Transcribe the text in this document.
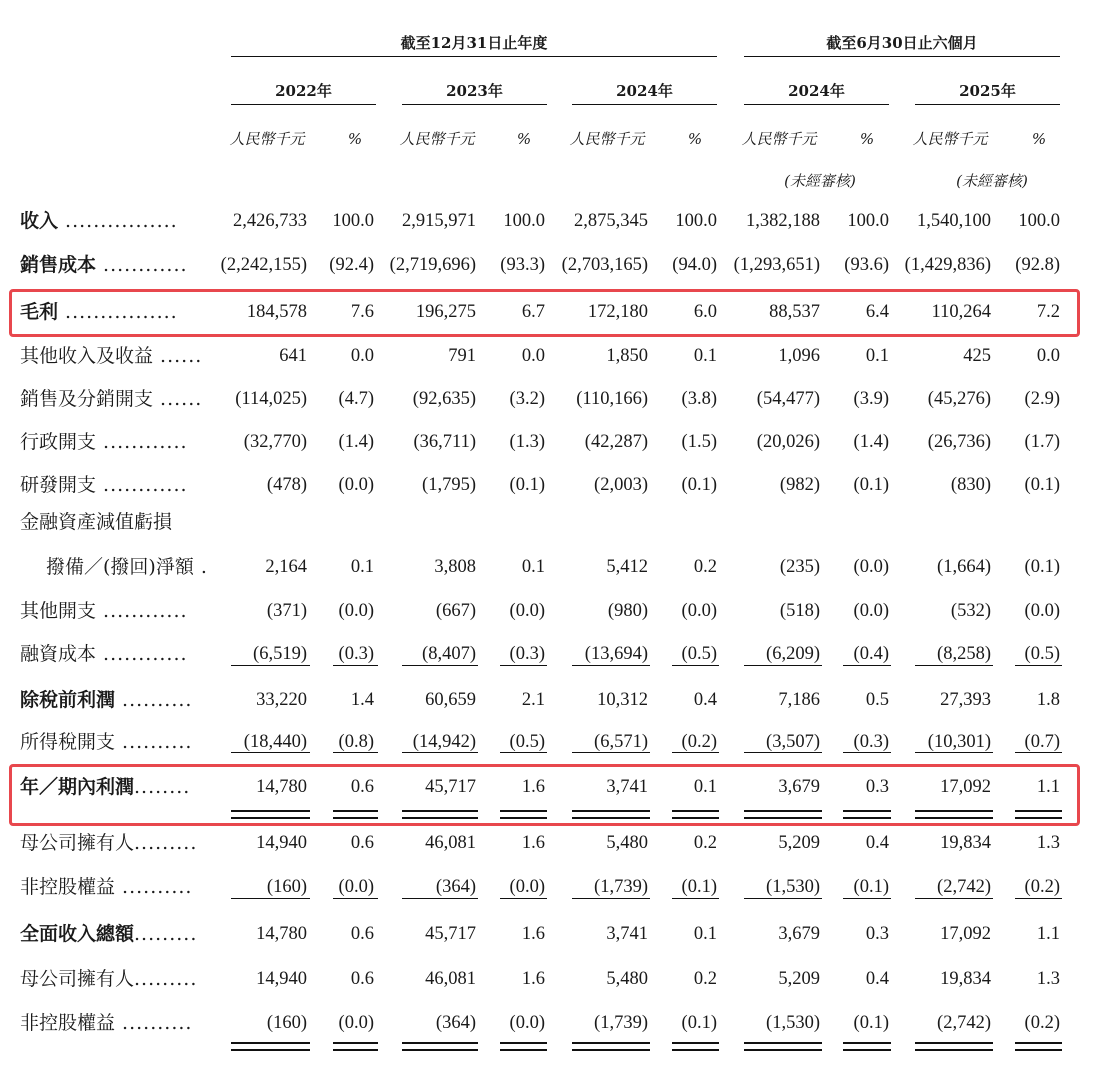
截至12月31日止年度	截至6月30日止六個月
2022年	2023年	2024年	2024年	2025年
人民幣千元	%	人民幣千元	%	人民幣千元	%	人民幣千元	%	人民幣千元	%
(未經審核)	(未經審核)
收入 ................	2,426,733	100.0	2,915,971	100.0	2,875,345	100.0	1,382,188	100.0	1,540,100	100.0
銷售成本 ............	(2,242,155) (92.4) (2,719,696) (93.3) (2,703,165) (94.0) (1,293,651) (93.6) (1,429,836) (92.8)
毛利 ................	184,578	7.6	196,275	6.7	172,180	6.0	88,537	6.4	110,264	7.2
其他收入及收益 ......	641	0.0	791	0.0	1,850	0.1	1,096	0.1	425	0.0
銷售及分銷開支 ......	(114,025)	(4.7)	(92,635)	(3.2)	(110,166)	(3.8)	(54,477)	(3.9)	(45,276)	(2.9)
行政開支 ............	(32,770)	(1.4)	(36,711)	(1.3)	(42,287)	(1.5)	(20,026)	(1.4)	(26,736)	(1.7)
研發開支 ............	(478)	(0.0)	(1,795)	(0.1)	(2,003)	(0.1)	(982)	(0.1)	(830)	(0.1)
金融資產減值虧損
撥備／(撥回)淨額 .	2,164	0.1	3,808	0.1	5,412	0.2	(235)	(0.0)	(1,664)	(0.1)
其他開支 ............	(371)	(0.0)	(667)	(0.0)	(980)	(0.0)	(518)	(0.0)	(532)	(0.0)
融資成本 ............	(6,519)	(0.3)	(8,407)	(0.3)	(13,694)	(0.5)	(6,209)	(0.4)	(8,258)	(0.5)
除稅前利潤 ..........	33,220	1.4	60,659	2.1	10,312	0.4	7,186	0.5	27,393	1.8
所得稅開支 ..........	(18,440)	(0.8)	(14,942)	(0.5)	(6,571)	(0.2)	(3,507)	(0.3)	(10,301)	(0.7)
年／期內利潤........	14,780	0.6	45,717	1.6	3,741	0.1	3,679	0.3	17,092	1.1
母公司擁有人.........	14,940	0.6	46,081	1.6	5,480	0.2	5,209	0.4	19,834	1.3
非控股權益 ..........	(160)	(0.0)	(364)	(0.0)	(1,739)	(0.1)	(1,530)	(0.1)	(2,742)	(0.2)
全面收入總額.........	14,780	0.6	45,717	1.6	3,741	0.1	3,679	0.3	17,092	1.1
母公司擁有人.........	14,940	0.6	46,081	1.6	5,480	0.2	5,209	0.4	19,834	1.3
非控股權益 ..........	(160)	(0.0)	(364)	(0.0)	(1,739)	(0.1)	(1,530)	(0.1)	(2,742)	(0.2)
